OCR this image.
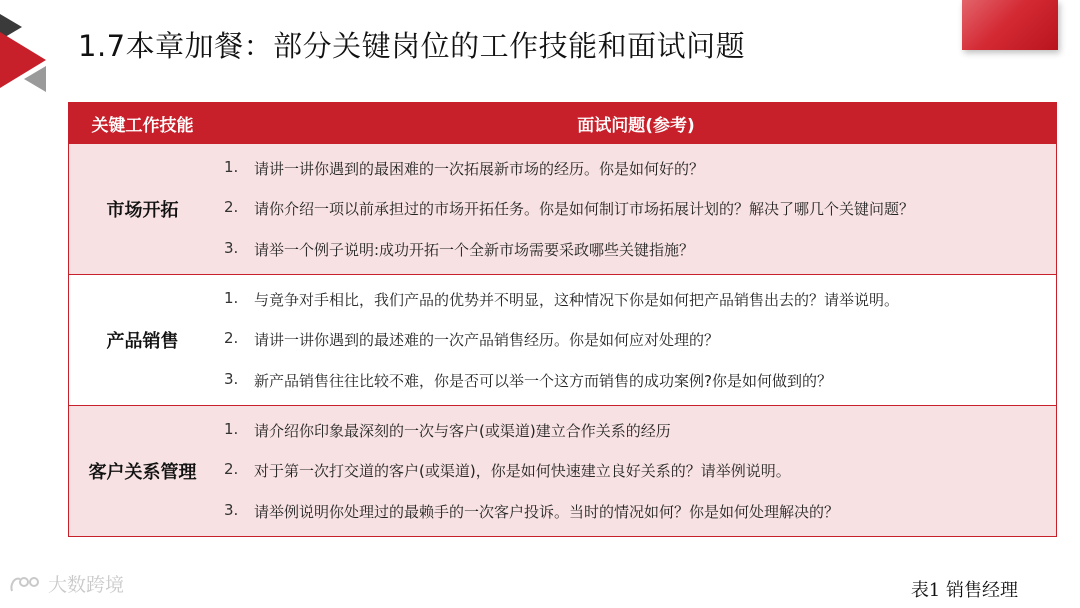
1.7本章加餐：部分关键岗位的工作技能和面试问题
关键工作技能	面试问题(参考)
市场开拓
1.	请讲一讲你遇到的最困难的一次拓展新市场的经历。你是如何好的？
2.	请你介绍一项以前承担过的市场开拓任务。你是如何制订市场拓展计划的？解决了哪几个关键问题？
3.	请举一个例子说明:成功开拓一个全新市场需要采政哪些关键指施？
产品销售
1.	与竟争对手相比，我们产品的优势并不明显，这种情况下你是如何把产品销售出去的？请举说明。
2.	请讲一讲你遇到的最述难的一次产品销售经历。你是如何应对处理的？
3.	新产品销售往往比较不难，你是否可以举一个这方而销售的成功案例?你是如何做到的？
客户关系管理
1.	请介绍你印象最深刻的一次与客户(或渠道)建立合作关系的经历
2.	对于第一次打交道的客户(或渠道)，你是如何快速建立良好关系的？请举例说明。
3.	请举例说明你处理过的最赖手的一次客户投诉。当时的情况如何？你是如何处理解决的？
大数跨境	表1 销售经理
